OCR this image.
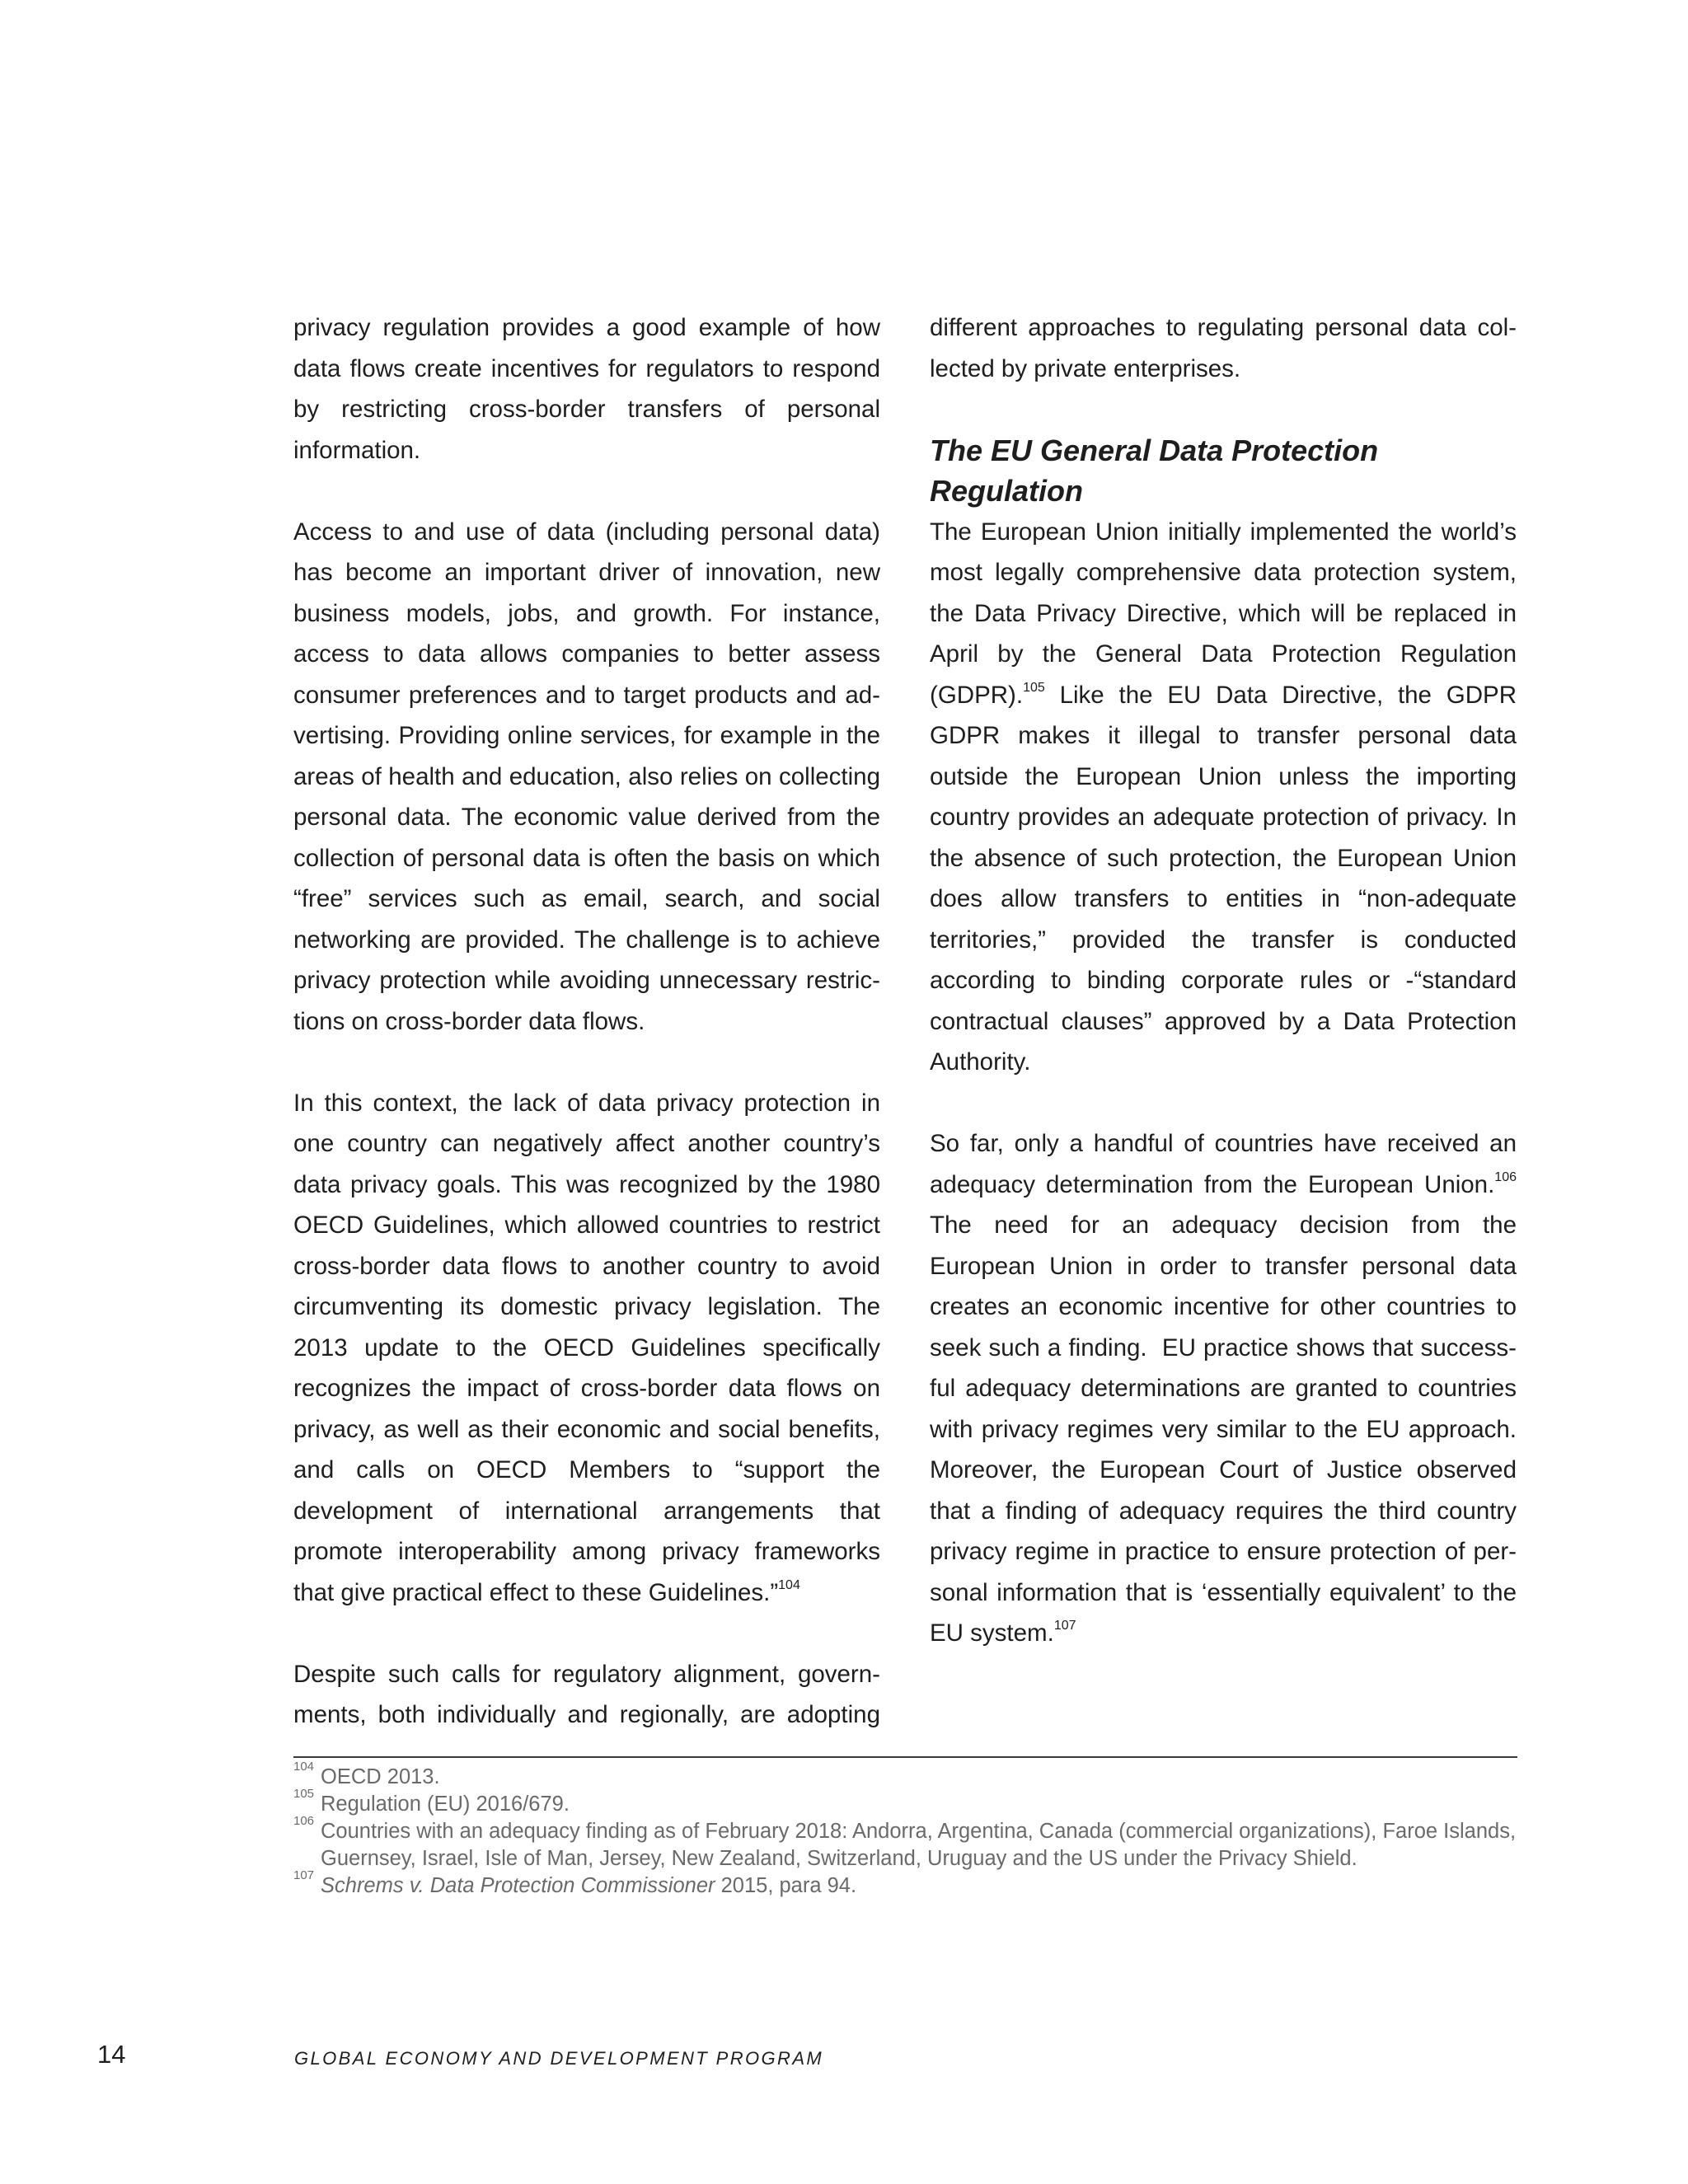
privacy regulation provides a good example of how data flows create incentives for regulators to respond by restricting cross-border transfers of personal information.

Access to and use of data (including personal data) has become an important driver of innovation, new business models, jobs, and growth. For instance, access to data allows companies to better assess consumer preferences and to target products and advertising. Providing online services, for example in the areas of health and education, also relies on collecting personal data. The economic value derived from the collection of personal data is often the basis on which “free” services such as email, search, and social networking are provided. The challenge is to achieve privacy protection while avoiding unnecessary restrictions on cross-border data flows.

In this context, the lack of data privacy protection in one country can negatively affect another country’s data privacy goals. This was recognized by the 1980 OECD Guidelines, which allowed countries to restrict cross-border data flows to another country to avoid circumventing its domestic privacy legislation. The 2013 update to the OECD Guidelines specifically recognizes the impact of cross-border data flows on privacy, as well as their economic and social benefits, and calls on OECD Members to “support the development of international arrangements that promote interoperability among privacy frameworks that give practical effect to these Guidelines.”$^{104}$

Despite such calls for regulatory alignment, governments, both individually and regionally, are adopting

different approaches to regulating personal data collected by private enterprises.

The EU General Data Protection Regulation

The European Union initially implemented the world’s most legally comprehensive data protection system, the Data Privacy Directive, which will be replaced in April by the General Data Protection Regulation (GDPR).$^{105}$ Like the EU Data Directive, the GDPR GDPR makes it illegal to transfer personal data outside the European Union unless the importing country provides an adequate protection of privacy. In the absence of such protection, the European Union does allow transfers to entities in “non-adequate territories,” provided the transfer is conducted according to binding corporate rules or -“standard contractual clauses” approved by a Data Protection Authority.

So far, only a handful of countries have received an adequacy determination from the European Union.$^{106}$ The need for an adequacy decision from the European Union in order to transfer personal data creates an economic incentive for other countries to seek such a finding.  EU practice shows that successful adequacy determinations are granted to countries with privacy regimes very similar to the EU approach. Moreover, the European Court of Justice observed that a finding of adequacy requires the third country privacy regime in practice to ensure protection of personal information that is ‘essentially equivalent’ to the EU system.$^{107}$

104 OECD 2013.

105 Regulation (EU) 2016/679.

106 Countries with an adequacy finding as of February 2018: Andorra, Argentina, Canada (commercial organizations), Faroe Islands, Guernsey, Israel, Isle of Man, Jersey, New Zealand, Switzerland, Uruguay and the US under the Privacy Shield.

107 Schrems v. Data Protection Commissioner 2015, para 94.

14	GLOBAL ECONOMY AND DEVELOPMENT PROGRAM
